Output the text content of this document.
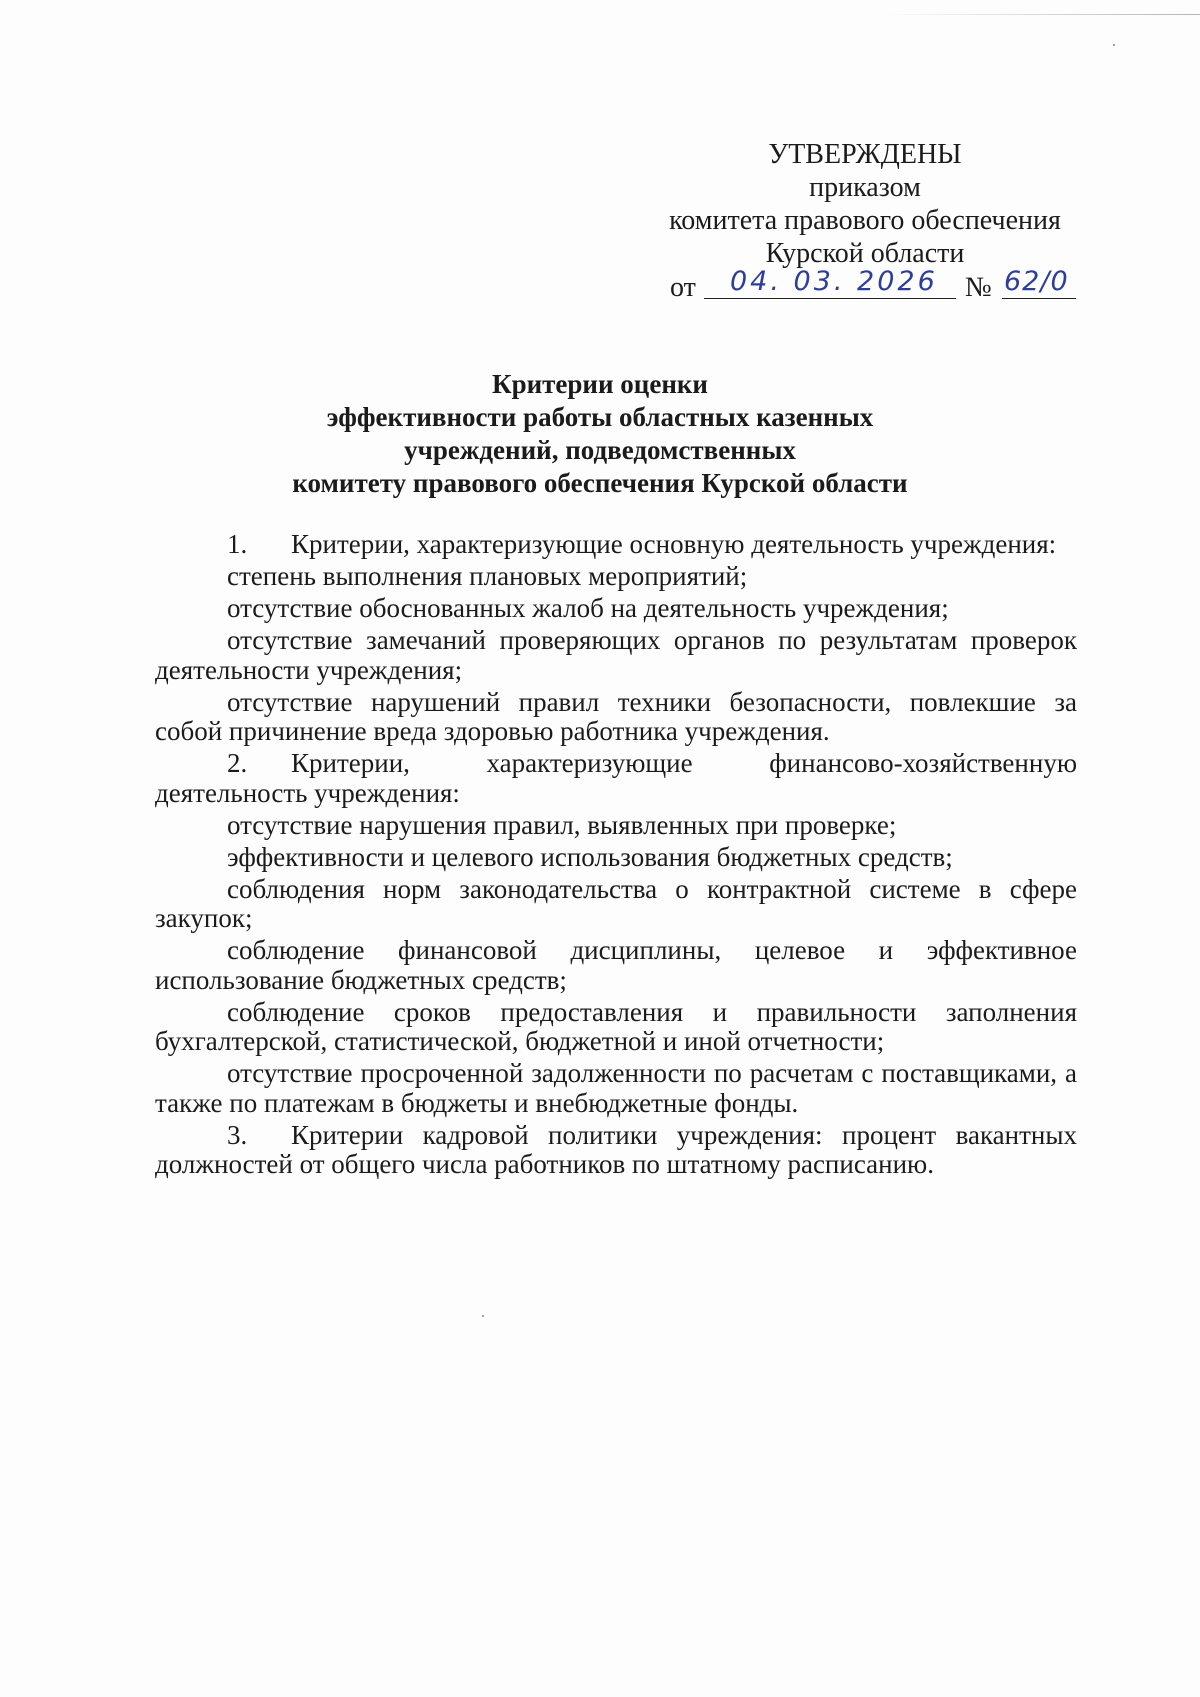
УТВЕРЖДЕНЫ
приказом
комитета правового обеспечения
Курской области
от 04. 03. 2026 № 62/0
Критерии оценки
эффективности работы областных казенных
учреждений, подведомственных
комитету правового обеспечения Курской области

1. Критерии, характеризующие основную деятельность учреждения:

степень выполнения плановых мероприятий;

отсутствие обоснованных жалоб на деятельность учреждения;

отсутствие замечаний проверяющих органов по результатам проверок деятельности учреждения;

отсутствие нарушений правил техники безопасности, повлекшие за собой причинение вреда здоровью работника учреждения.

2. Критерии, характеризующие финансово-хозяйственную деятельность учреждения:

отсутствие нарушения правил, выявленных при проверке;

эффективности и целевого использования бюджетных средств;

соблюдения норм законодательства о контрактной системе в сфере закупок;

соблюдение финансовой дисциплины, целевое и эффективное использование бюджетных средств;

соблюдение сроков предоставления и правильности заполнения бухгалтерской, статистической, бюджетной и иной отчетности;

отсутствие просроченной задолженности по расчетам с поставщиками, а также по платежам в бюджеты и внебюджетные фонды.

3. Критерии кадровой политики учреждения: процент вакантных должностей от общего числа работников по штатному расписанию.
